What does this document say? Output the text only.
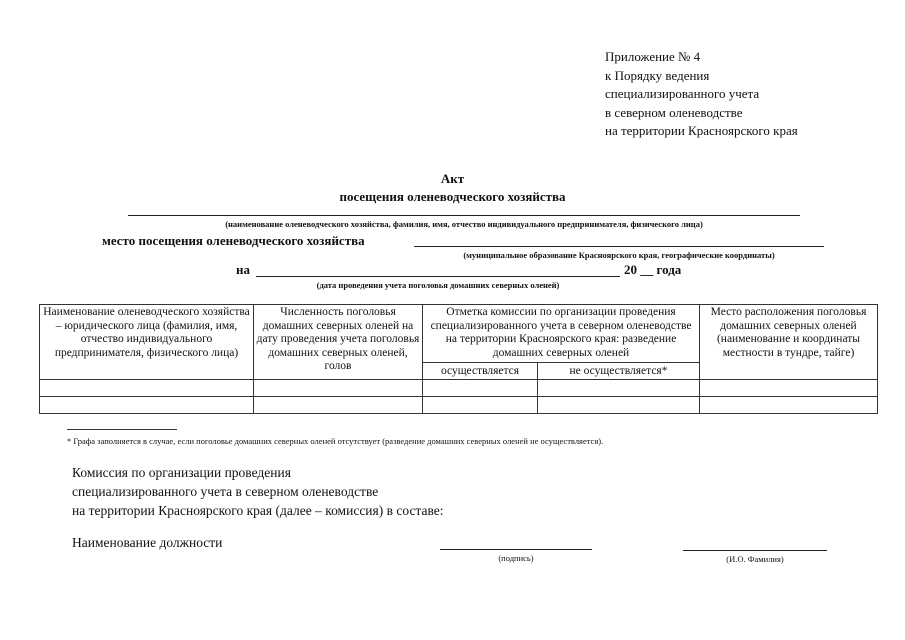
Приложение № 4
к Порядку ведения
специализированного учета
в северном оленеводстве
на территории Красноярского края
Акт
посещения оленеводческого хозяйства
(наименование оленеводческого хозяйства, фамилия, имя, отчество индивидуального предпринимателя, физического лица)
место посещения оленеводческого хозяйства
(муниципальное образование Красноярского края, географические координаты)
на	20 __ года
(дата проведения учета поголовья домашних северных оленей)
Наименование оленеводческого хозяйства – юридического лица (фамилия, имя, отчество индивидуального предпринимателя, физического лица)	Численность поголовья домашних северных оленей на дату проведения учета поголовья домашних северных оленей, голов	Отметка комиссии по организации проведения специализированного учета в северном оленеводстве на территории Красноярского края: разведение домашних северных оленей		Место расположения поголовья домашних северных оленей (наименование и координаты местности в тундре, тайге)
		осуществляется	не осуществляется*	

* Графа заполняется в случае, если поголовье домашних северных оленей отсутствует (разведение домашних северных оленей не осуществляется).
Комиссия по организации проведения
специализированного учета в северном оленеводстве
на территории Красноярского края (далее – комиссия) в составе:
Наименование должности
(подпись)	(И.О. Фамилия)
